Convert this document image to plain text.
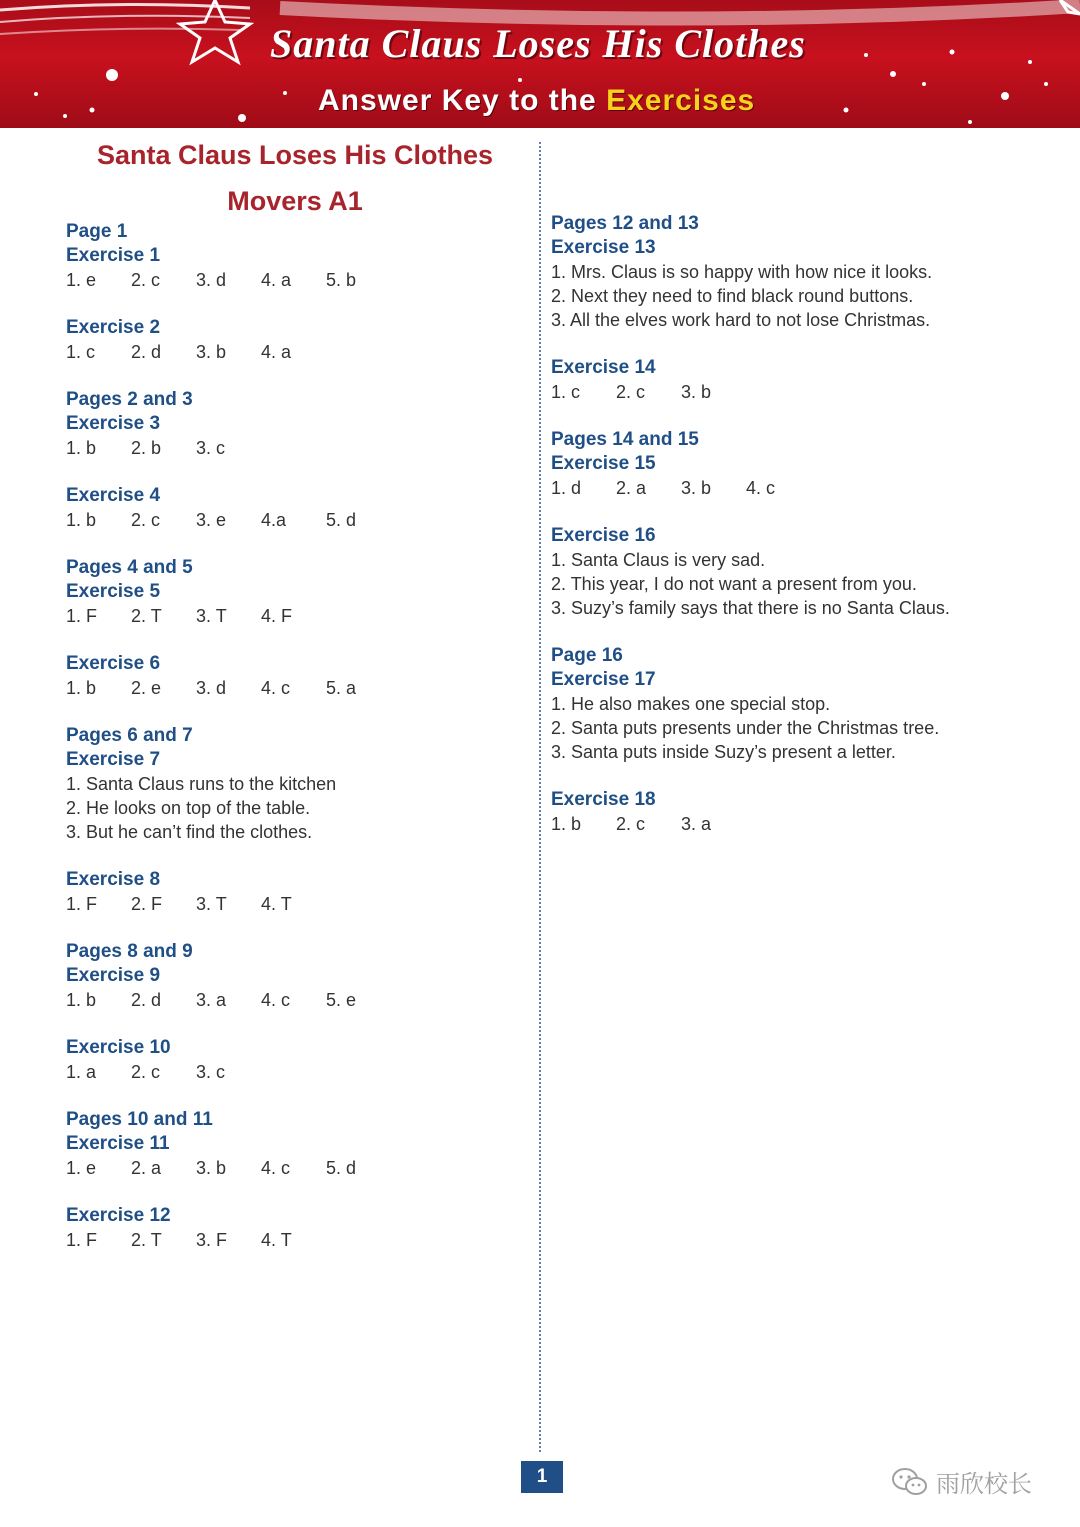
Santa Claus Loses His Clothes
Answer Key to the Exercises
Santa Claus Loses His Clothes
Movers A1
Page 1
Exercise 1
1. e	2. c	3. d	4. a	5. b
Exercise 2
1. c	2. d	3. b	4. a
Pages 2 and 3
Exercise 3
1. b	2. b	3. c
Exercise 4
1. b	2. c	3. e	4.a	5. d
Pages 4 and 5
Exercise 5
1. F	2. T	3. T	4. F
Exercise 6
1. b	2. e	3. d	4. c	5. a
Pages 6 and 7
Exercise 7
1. Santa Claus runs to the kitchen
2. He looks on top of the table.
3. But he can’t find the clothes.
Exercise 8
1. F	2. F	3. T	4. T
Pages 8 and 9
Exercise 9
1. b	2. d	3. a	4. c	5. e
Exercise 10
1. a	2. c	3. c
Pages 10 and 11
Exercise 11
1. e	2. a	3. b	4. c	5. d
Exercise 12
1. F	2. T	3. F	4. T
Pages 12 and 13
Exercise 13
1. Mrs. Claus is so happy with how nice it looks.
2. Next they need to find black round buttons.
3. All the elves work hard to not lose Christmas.
Exercise 14
1. c	2. c	3. b
Pages 14 and 15
Exercise 15
1. d	2. a	3. b	4. c
Exercise 16
1. Santa Claus is very sad.
2. This year, I do not want a present from you.
3. Suzy’s family says that there is no Santa Claus.
Page 16
Exercise 17
1. He also makes one special stop.
2. Santa puts presents under the Christmas tree.
3. Santa puts inside Suzy’s present a letter.
Exercise 18
1. b	2. c	3. a
1	雨欣校长
